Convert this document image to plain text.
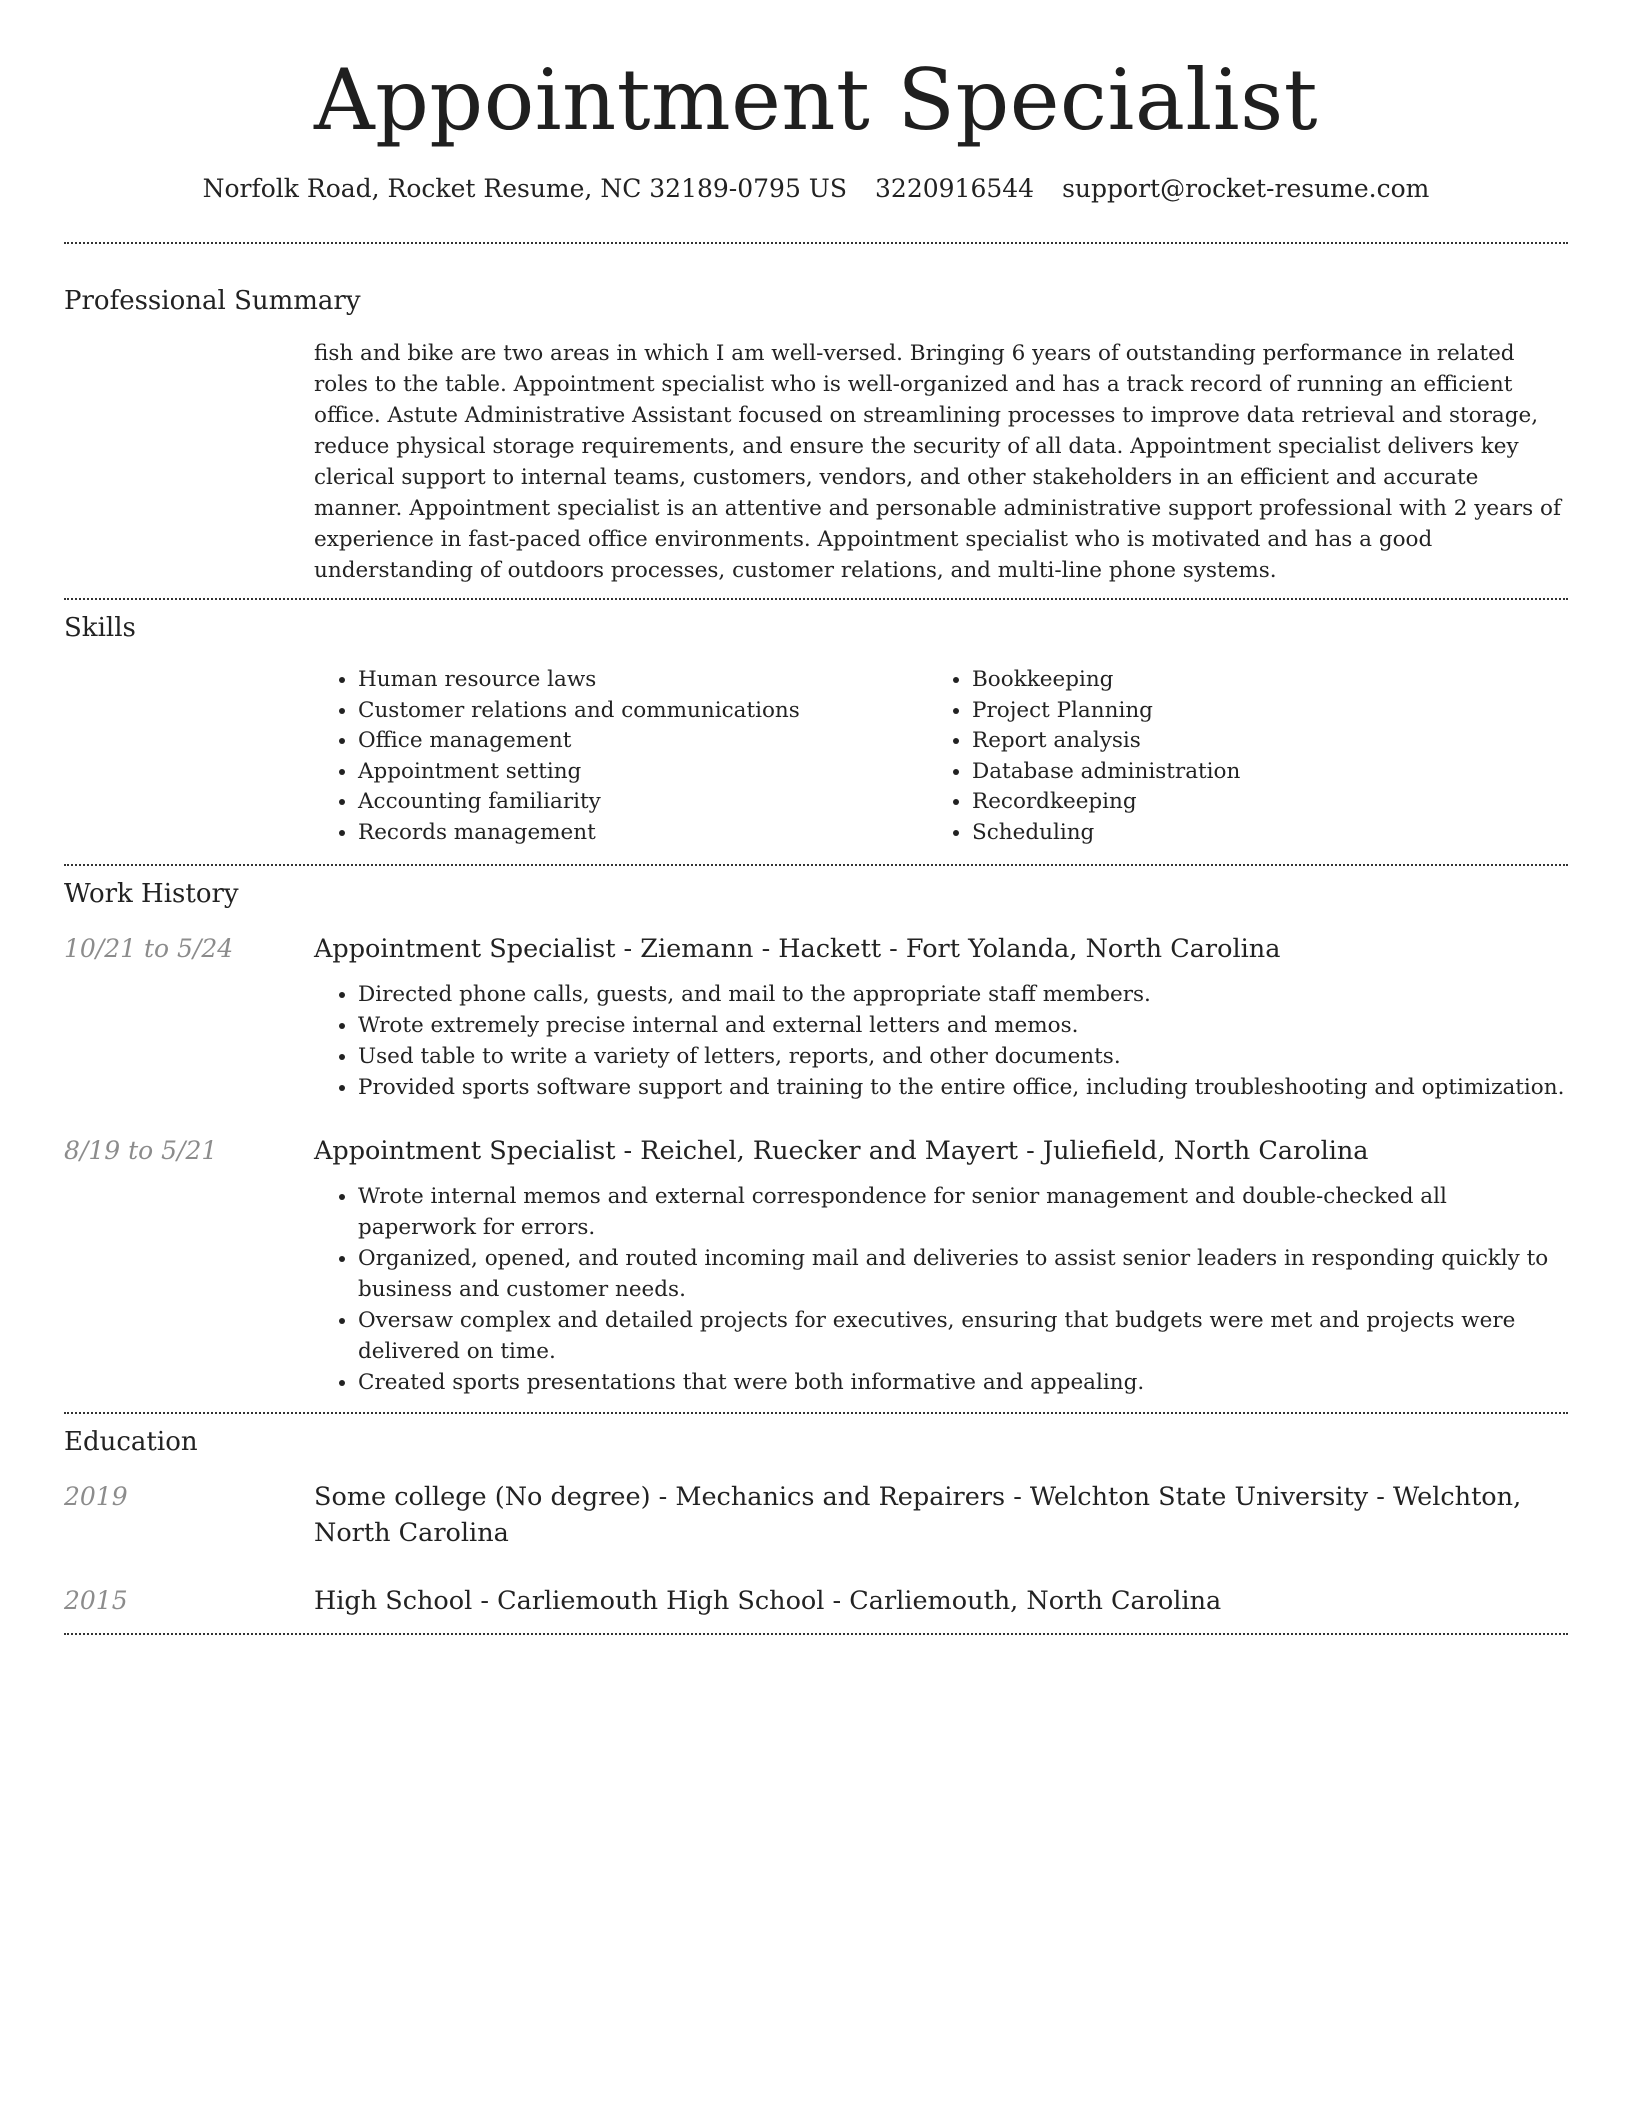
Appointment Specialist
Norfolk Road, Rocket Resume, NC 32189-0795 US 3220916544 support@rocket-resume.com
Professional Summary
fish and bike are two areas in which I am well-versed. Bringing 6 years of outstanding performance in related roles to the table. Appointment specialist who is well-organized and has a track record of running an efficient office. Astute Administrative Assistant focused on streamlining processes to improve data retrieval and storage, reduce physical storage requirements, and ensure the security of all data. Appointment specialist delivers key clerical support to internal teams, customers, vendors, and other stakeholders in an efficient and accurate manner. Appointment specialist is an attentive and personable administrative support professional with 2 years of experience in fast-paced office environments. Appointment specialist who is motivated and has a good understanding of outdoors processes, customer relations, and multi-line phone systems.
Skills
• Human resource laws
• Customer relations and communications
• Office management
• Appointment setting
• Accounting familiarity
• Records management
• Bookkeeping
• Project Planning
• Report analysis
• Database administration
• Recordkeeping
• Scheduling
Work History
10/21 to 5/24	Appointment Specialist - Ziemann - Hackett - Fort Yolanda, North Carolina
• Directed phone calls, guests, and mail to the appropriate staff members.
• Wrote extremely precise internal and external letters and memos.
• Used table to write a variety of letters, reports, and other documents.
• Provided sports software support and training to the entire office, including troubleshooting and optimization.
8/19 to 5/21	Appointment Specialist - Reichel, Ruecker and Mayert - Juliefield, North Carolina
• Wrote internal memos and external correspondence for senior management and double-checked all paperwork for errors.
• Organized, opened, and routed incoming mail and deliveries to assist senior leaders in responding quickly to business and customer needs.
• Oversaw complex and detailed projects for executives, ensuring that budgets were met and projects were delivered on time.
• Created sports presentations that were both informative and appealing.
Education
2019	Some college (No degree) - Mechanics and Repairers - Welchton State University - Welchton, North Carolina
2015	High School - Carliemouth High School - Carliemouth, North Carolina
